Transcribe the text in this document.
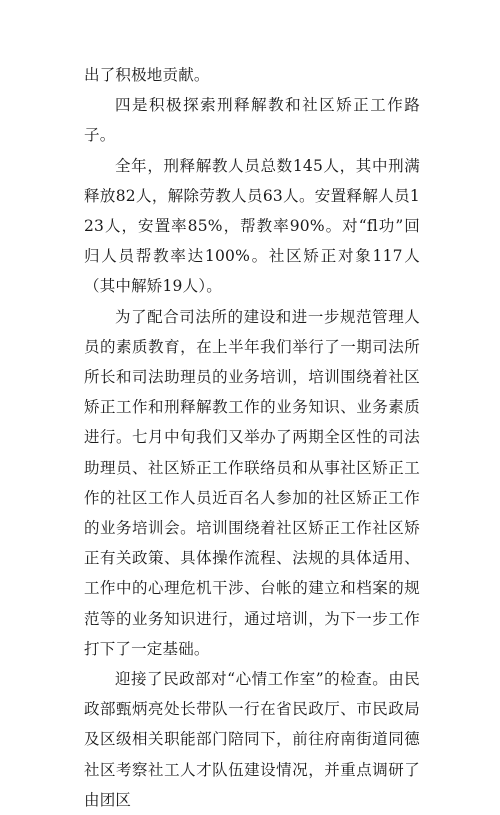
出了积极地贡献。

四是积极探索刑释解教和社区矫正工作路子。

全年，刑释解教人员总数145人，其中刑满释放82人，解除劳教人员63人。安置释解人员123人，安置率85%，帮教率90%。对“fl功”回归人员帮教率达100%。社区矫正对象117人（其中解矫19人）。

为了配合司法所的建设和进一步规范管理人员的素质教育，在上半年我们举行了一期司法所所长和司法助理员的业务培训，培训围绕着社区矫正工作和刑释解教工作的业务知识、业务素质进行。七月中旬我们又举办了两期全区性的司法助理员、社区矫正工作联络员和从事社区矫正工作的社区工作人员近百名人参加的社区矫正工作的业务培训会。培训围绕着社区矫正工作社区矫正有关政策、具体操作流程、法规的具体适用、工作中的心理危机干涉、台帐的建立和档案的规范等的业务知识进行，通过培训，为下一步工作打下了一定基础。

迎接了民政部对“心情工作室”的检查。由民政部甄炳亮处长带队一行在省民政厅、市民政局及区级相关职能部门陪同下，前往府南街道同德社区考察社工人才队伍建设情况，并重点调研了由团区
